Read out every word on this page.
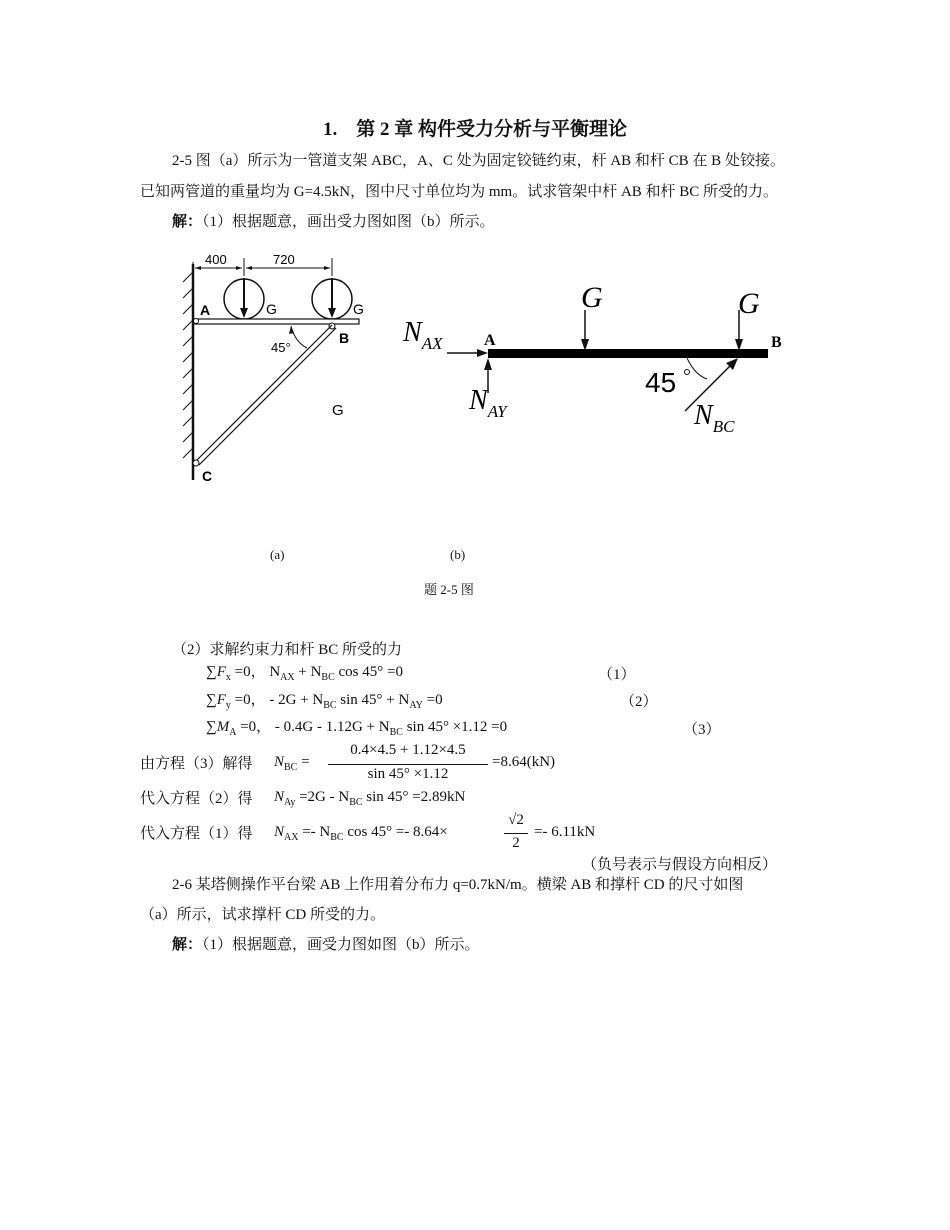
1.　第 2 章 构件受力分析与平衡理论
2-5 图（a）所示为一管道支架 ABC，A、C 处为固定铰链约束，杆 AB 和杆 CB 在 B 处铰接。
已知两管道的重量均为 G=4.5kN，图中尺寸单位均为 mm。试求管架中杆 AB 和杆 BC 所受的力。
解：（1）根据题意，画出受力图如图（b）所示。
400	720
G	G
A
B
C
G
45°
G	G
$N_{AX}$
$N_{AY}$
A	B
$N_{BC}$
45
(a)	(b)
题 2-5 图
（2）求解约束力和杆 BC 所受的力
$\sum F_x =0$， $N_{AX} + N_{BC}$ cos 45° =0	（1）
$\sum F_y =0$， - $2G + N_{BC}$ $\sin 45^\circ + N_{AY} =0$	（2）
$\sum M_A =0$， - $0.4G - 1.12G + N_{BC}$ sin 45° ×1.12 =0	（3）
由方程（3）解得 $N_{BC}$ =
0.4×4.5 + 1.12×4.5
sin 45° ×1.12
=8.64(kN)
代入方程（2）得 $N_{Ay} =2G - N_{BC}$ sin 45° =2.89kN
代入方程（1）得 $N_{AX} =- N_{BC}$ cos 45° =- 8.64×
√2
2
=- 6.11kN
（负号表示与假设方向相反）
2-6 某塔侧操作平台梁 AB 上作用着分布力 q=0.7kN/m。横梁 AB 和撑杆 CD 的尺寸如图
（a）所示，试求撑杆 CD 所受的力。
解：（1）根据题意，画受力图如图（b）所示。
